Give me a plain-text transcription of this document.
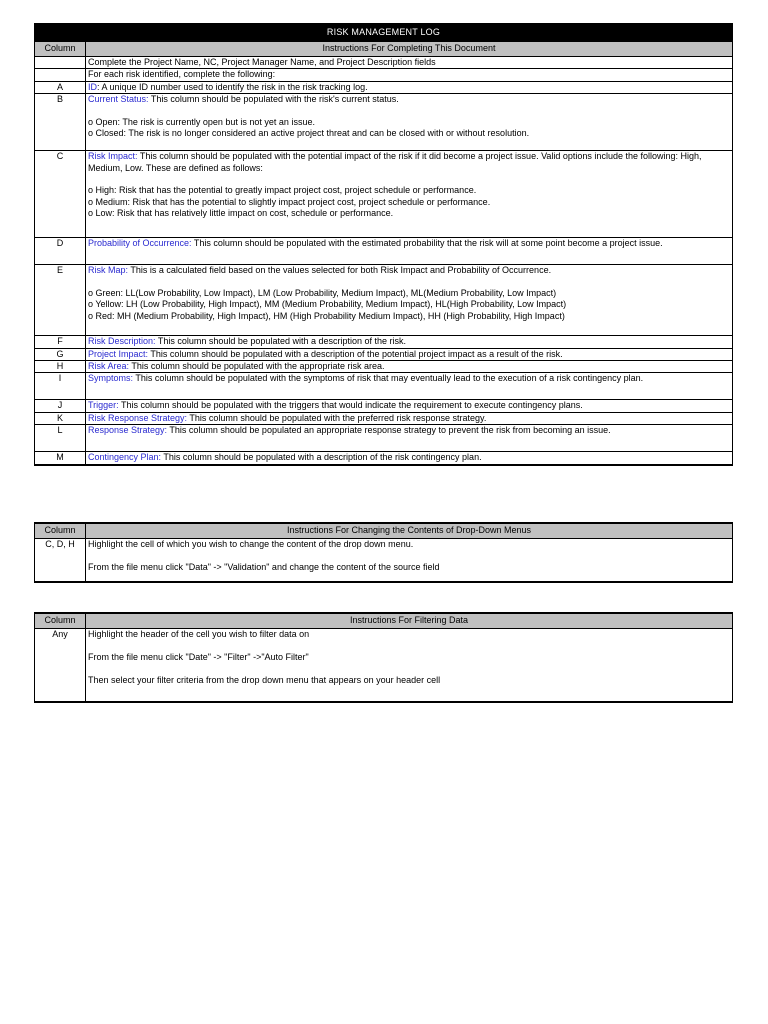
RISK MANAGEMENT LOG	
Column	Instructions For Completing This Document
	Complete the Project Name, NC, Project Manager Name, and Project Description fields
	For each risk identified, complete the following:
A	ID: A unique ID number used to identify the risk in the risk tracking log.
B	Current Status: This column should be populated with the risk's current status.

o Open: The risk is currently open but is not yet an issue.

o Closed: The risk is no longer considered an active project threat and can be closed with or without resolution.

C	Risk Impact: This column should be populated with the potential impact of the risk if it did become a project issue. Valid options include the following: High, Medium, Low. These are defined as follows:

o High: Risk that has the potential to greatly impact project cost, project schedule or performance.

o Medium: Risk that has the potential to slightly impact project cost, project schedule or performance.

o Low: Risk that has relatively little impact on cost, schedule or performance.

D	Probability of Occurrence: This column should be populated with the estimated probability that the risk will at some point become a project issue.
E	Risk Map: This is a calculated field based on the values selected for both Risk Impact and Probability of Occurrence.

o Green: LL(Low Probability, Low Impact), LM (Low Probability, Medium Impact), ML(Medium Probability, Low Impact)

o Yellow: LH (Low Probability, High Impact), MM (Medium Probability, Medium Impact), HL(High Probability, Low Impact)

o Red: MH (Medium Probability, High Impact), HM (High Probability Medium Impact), HH (High Probability, High Impact)

F	Risk Description: This column should be populated with a description of the risk.
G	Project Impact: This column should be populated with a description of the potential project impact as a result of the risk.
H	Risk Area: This column should be populated with the appropriate risk area.
I	Symptoms: This column should be populated with the symptoms of risk that may eventually lead to the execution of a risk contingency plan.
J	Trigger: This column should be populated with the triggers that would indicate the requirement to execute contingency plans.
K	Risk Response Strategy: This column should be populated with the preferred risk response strategy.
L	Response Strategy: This column should be populated an appropriate response strategy to prevent the risk from becoming an issue.
M	Contingency Plan: This column should be populated with a description of the risk contingency plan.
Column	Instructions For Changing the Contents of Drop-Down Menus
C, D, H	Highlight the cell of which you wish to change the content of the drop down menu.

From the file menu click "Data" -> "Validation" and change the content of the source field

Column	Instructions For Filtering Data
Any	Highlight the header of the cell you wish to filter data on

From the file menu click "Date" -> "Filter" ->"Auto Filter"

Then select your filter criteria from the drop down menu that appears on your header cell
